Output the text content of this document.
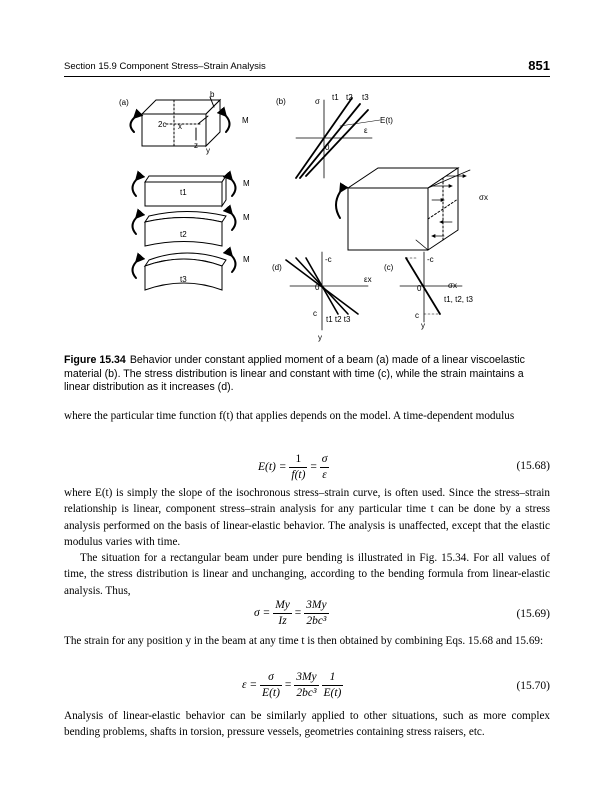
Section 15.9 Component Stress–Strain Analysis	851
(a)
b
2c x
z
y
M
t1
M
t2
M
t3
M
(b)	σ t1 t2 t3
E(t)
ε
0
σx
(d)
-c
εx
0
c
t1 t2 t3
y
(c)
-c
σx
0
t1, t2, t3
c
y
Figure 15.34 Behavior under constant applied moment of a beam (a) made of a linear viscoelastic material (b). The stress distribution is linear and constant with time (c), while the strain maintains a linear distribution as it increases (d).

where the particular time function f(t) that applies depends on the model. A time-dependent modulus

$E(t) = \frac{1}{f(t)} = \frac{\sigma}{\varepsilon}$	(15.68)

where E(t) is simply the slope of the isochronous stress–strain curve, is often used. Since the stress–strain relationship is linear, component stress–strain analysis for any particular time t can be done by a stress analysis performed on the basis of linear-elastic behavior. The analysis is unaffected, except that the elastic modulus varies with time.

The situation for a rectangular beam under pure bending is illustrated in Fig. 15.34. For all values of time, the stress distribution is linear and unchanging, according to the bending formula from linear-elastic analysis. Thus,

$\sigma = \frac{My}{Iz} = \frac{3My}{\text{2bc³}}$	(15.69)

The strain for any position y in the beam at any time t is then obtained by combining Eqs. 15.68 and 15.69:

$\varepsilon = \frac{\sigma}{E(t)} = \frac{3My}{\text{2bc³}}$
$\frac{1}{E(t)}$	(15.70)

Analysis of linear-elastic behavior can be similarly applied to other situations, such as more complex bending problems, shafts in torsion, pressure vessels, geometries containing stress raisers, etc.
